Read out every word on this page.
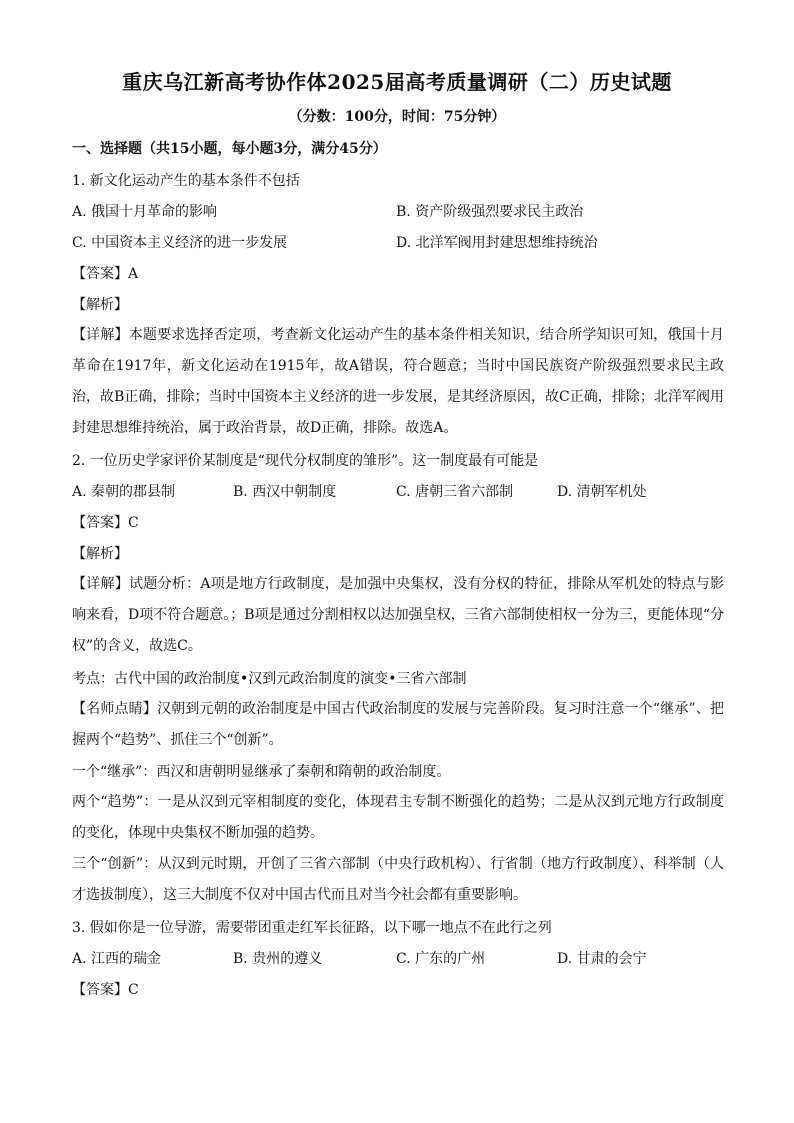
重庆乌江新高考协作体2025届高考质量调研（二）历史试题
（分数：100分，时间：75分钟）
一、选择题（共15小题，每小题3分，满分45分）
1. 新文化运动产生的基本条件不包括
A. 俄国十月革命的影响	B. 资产阶级强烈要求民主政治
C. 中国资本主义经济的进一步发展	D. 北洋军阀用封建思想维持统治
【答案】A
【解析】
【详解】本题要求选择否定项，考查新文化运动产生的基本条件相关知识，结合所学知识可知，俄国十月革命在1917年，新文化运动在1915年，故A错误，符合题意；当时中国民族资产阶级强烈要求民主政治，故B正确，排除；当时中国资本主义经济的进一步发展，是其经济原因，故C正确，排除；北洋军阀用封建思想维持统治，属于政治背景，故D正确，排除。故选A。
2. 一位历史学家评价某制度是“现代分权制度的雏形”。这一制度最有可能是
A. 秦朝的郡县制	B. 西汉中朝制度	C. 唐朝三省六部制	D. 清朝军机处
【答案】C
【解析】
【详解】试题分析：A项是地方行政制度，是加强中央集权，没有分权的特征，排除从军机处的特点与影响来看，D项不符合题意。；B项是通过分割相权以达加强皇权，三省六部制使相权一分为三，更能体现“分权”的含义，故选C。
考点：古代中国的政治制度•汉到元政治制度的演变•三省六部制
【名师点睛】汉朝到元朝的政治制度是中国古代政治制度的发展与完善阶段。复习时注意一个“继承”、把握两个“趋势”、抓住三个“创新”。
一个“继承”：西汉和唐朝明显继承了秦朝和隋朝的政治制度。
两个“趋势”：一是从汉到元宰相制度的变化，体现君主专制不断强化的趋势；二是从汉到元地方行政制度的变化，体现中央集权不断加强的趋势。
三个“创新”：从汉到元时期，开创了三省六部制（中央行政机构）、行省制（地方行政制度）、科举制（人才选拔制度），这三大制度不仅对中国古代而且对当今社会都有重要影响。
3. 假如你是一位导游，需要带团重走红军长征路，以下哪一地点不在此行之列
A. 江西的瑞金	B. 贵州的遵义	C. 广东的广州	D. 甘肃的会宁
【答案】C
